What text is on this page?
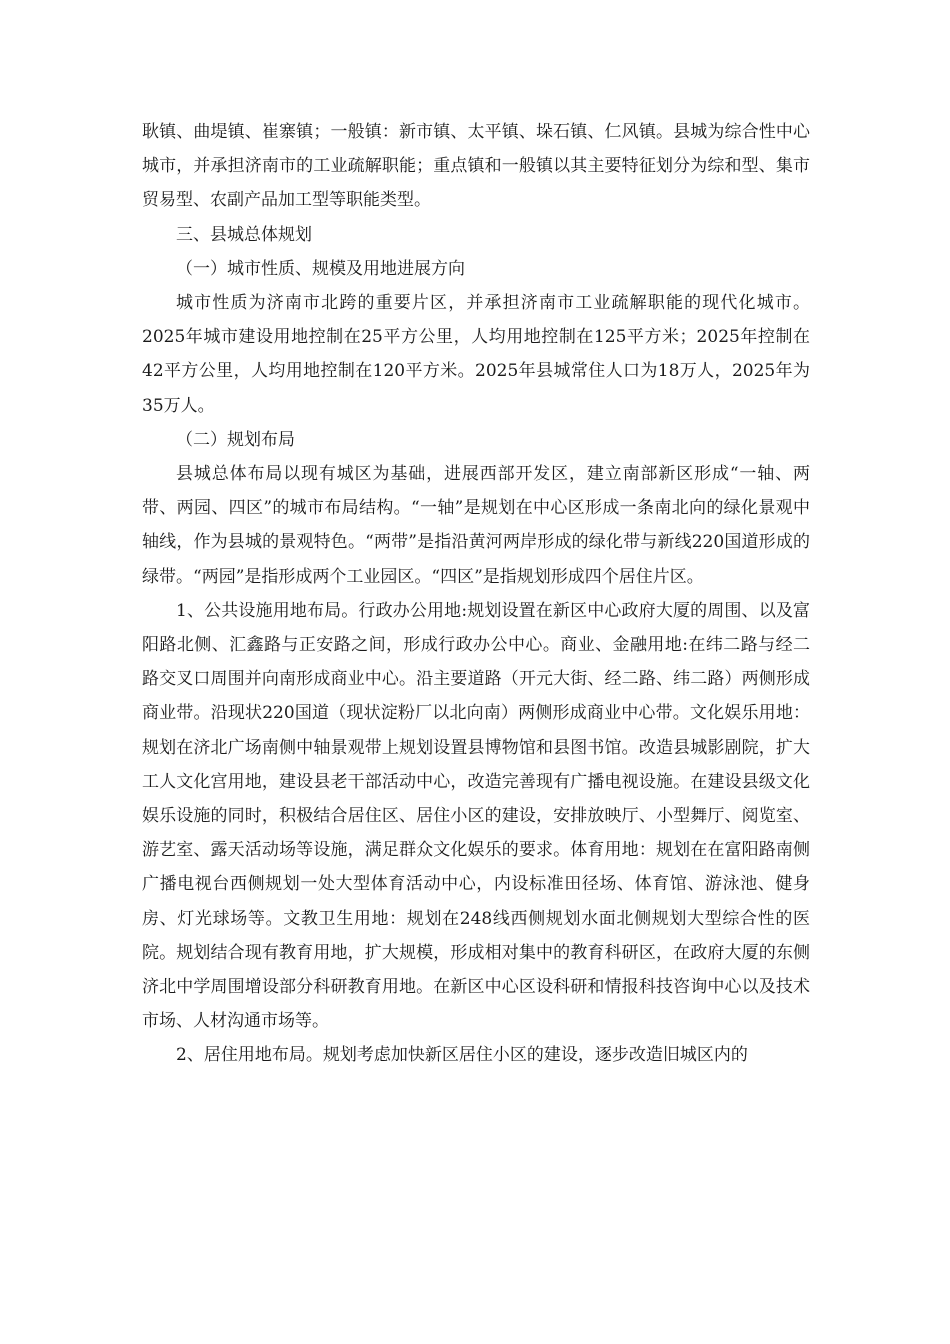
耿镇、曲堤镇、崔寨镇；一般镇：新市镇、太平镇、垛石镇、仁风镇。县城为综合性中心城市，并承担济南市的工业疏解职能；重点镇和一般镇以其主要特征划分为综和型、集市贸易型、农副产品加工型等职能类型。

三、县城总体规划

（一）城市性质、规模及用地进展方向

城市性质为济南市北跨的重要片区，并承担济南市工业疏解职能的现代化城市。2025年城市建设用地控制在25平方公里，人均用地控制在125平方米；2025年控制在42平方公里，人均用地控制在120平方米。2025年县城常住人口为18万人，2025年为35万人。

（二）规划布局

县城总体布局以现有城区为基础，进展西部开发区，建立南部新区形成“一轴、两带、两园、四区”的城市布局结构。“一轴”是规划在中心区形成一条南北向的绿化景观中轴线，作为县城的景观特色。“两带”是指沿黄河两岸形成的绿化带与新线220国道形成的绿带。“两园”是指形成两个工业园区。“四区”是指规划形成四个居住片区。

1、公共设施用地布局。行政办公用地:规划设置在新区中心政府大厦的周围、以及富阳路北侧、汇鑫路与正安路之间，形成行政办公中心。商业、金融用地:在纬二路与经二路交叉口周围并向南形成商业中心。沿主要道路（开元大街、经二路、纬二路）两侧形成商业带。沿现状220国道（现状淀粉厂以北向南）两侧形成商业中心带。文化娱乐用地：规划在济北广场南侧中轴景观带上规划设置县博物馆和县图书馆。改造县城影剧院，扩大工人文化宫用地，建设县老干部活动中心，改造完善现有广播电视设施。在建设县级文化娱乐设施的同时，积极结合居住区、居住小区的建设，安排放映厅、小型舞厅、阅览室、游艺室、露天活动场等设施，满足群众文化娱乐的要求。体育用地：规划在在富阳路南侧广播电视台西侧规划一处大型体育活动中心，内设标准田径场、体育馆、游泳池、健身房、灯光球场等。文教卫生用地：规划在248线西侧规划水面北侧规划大型综合性的医院。规划结合现有教育用地，扩大规模，形成相对集中的教育科研区，在政府大厦的东侧济北中学周围增设部分科研教育用地。在新区中心区设科研和情报科技咨询中心以及技术市场、人材沟通市场等。

2、居住用地布局。规划考虑加快新区居住小区的建设，逐步改造旧城区内的
